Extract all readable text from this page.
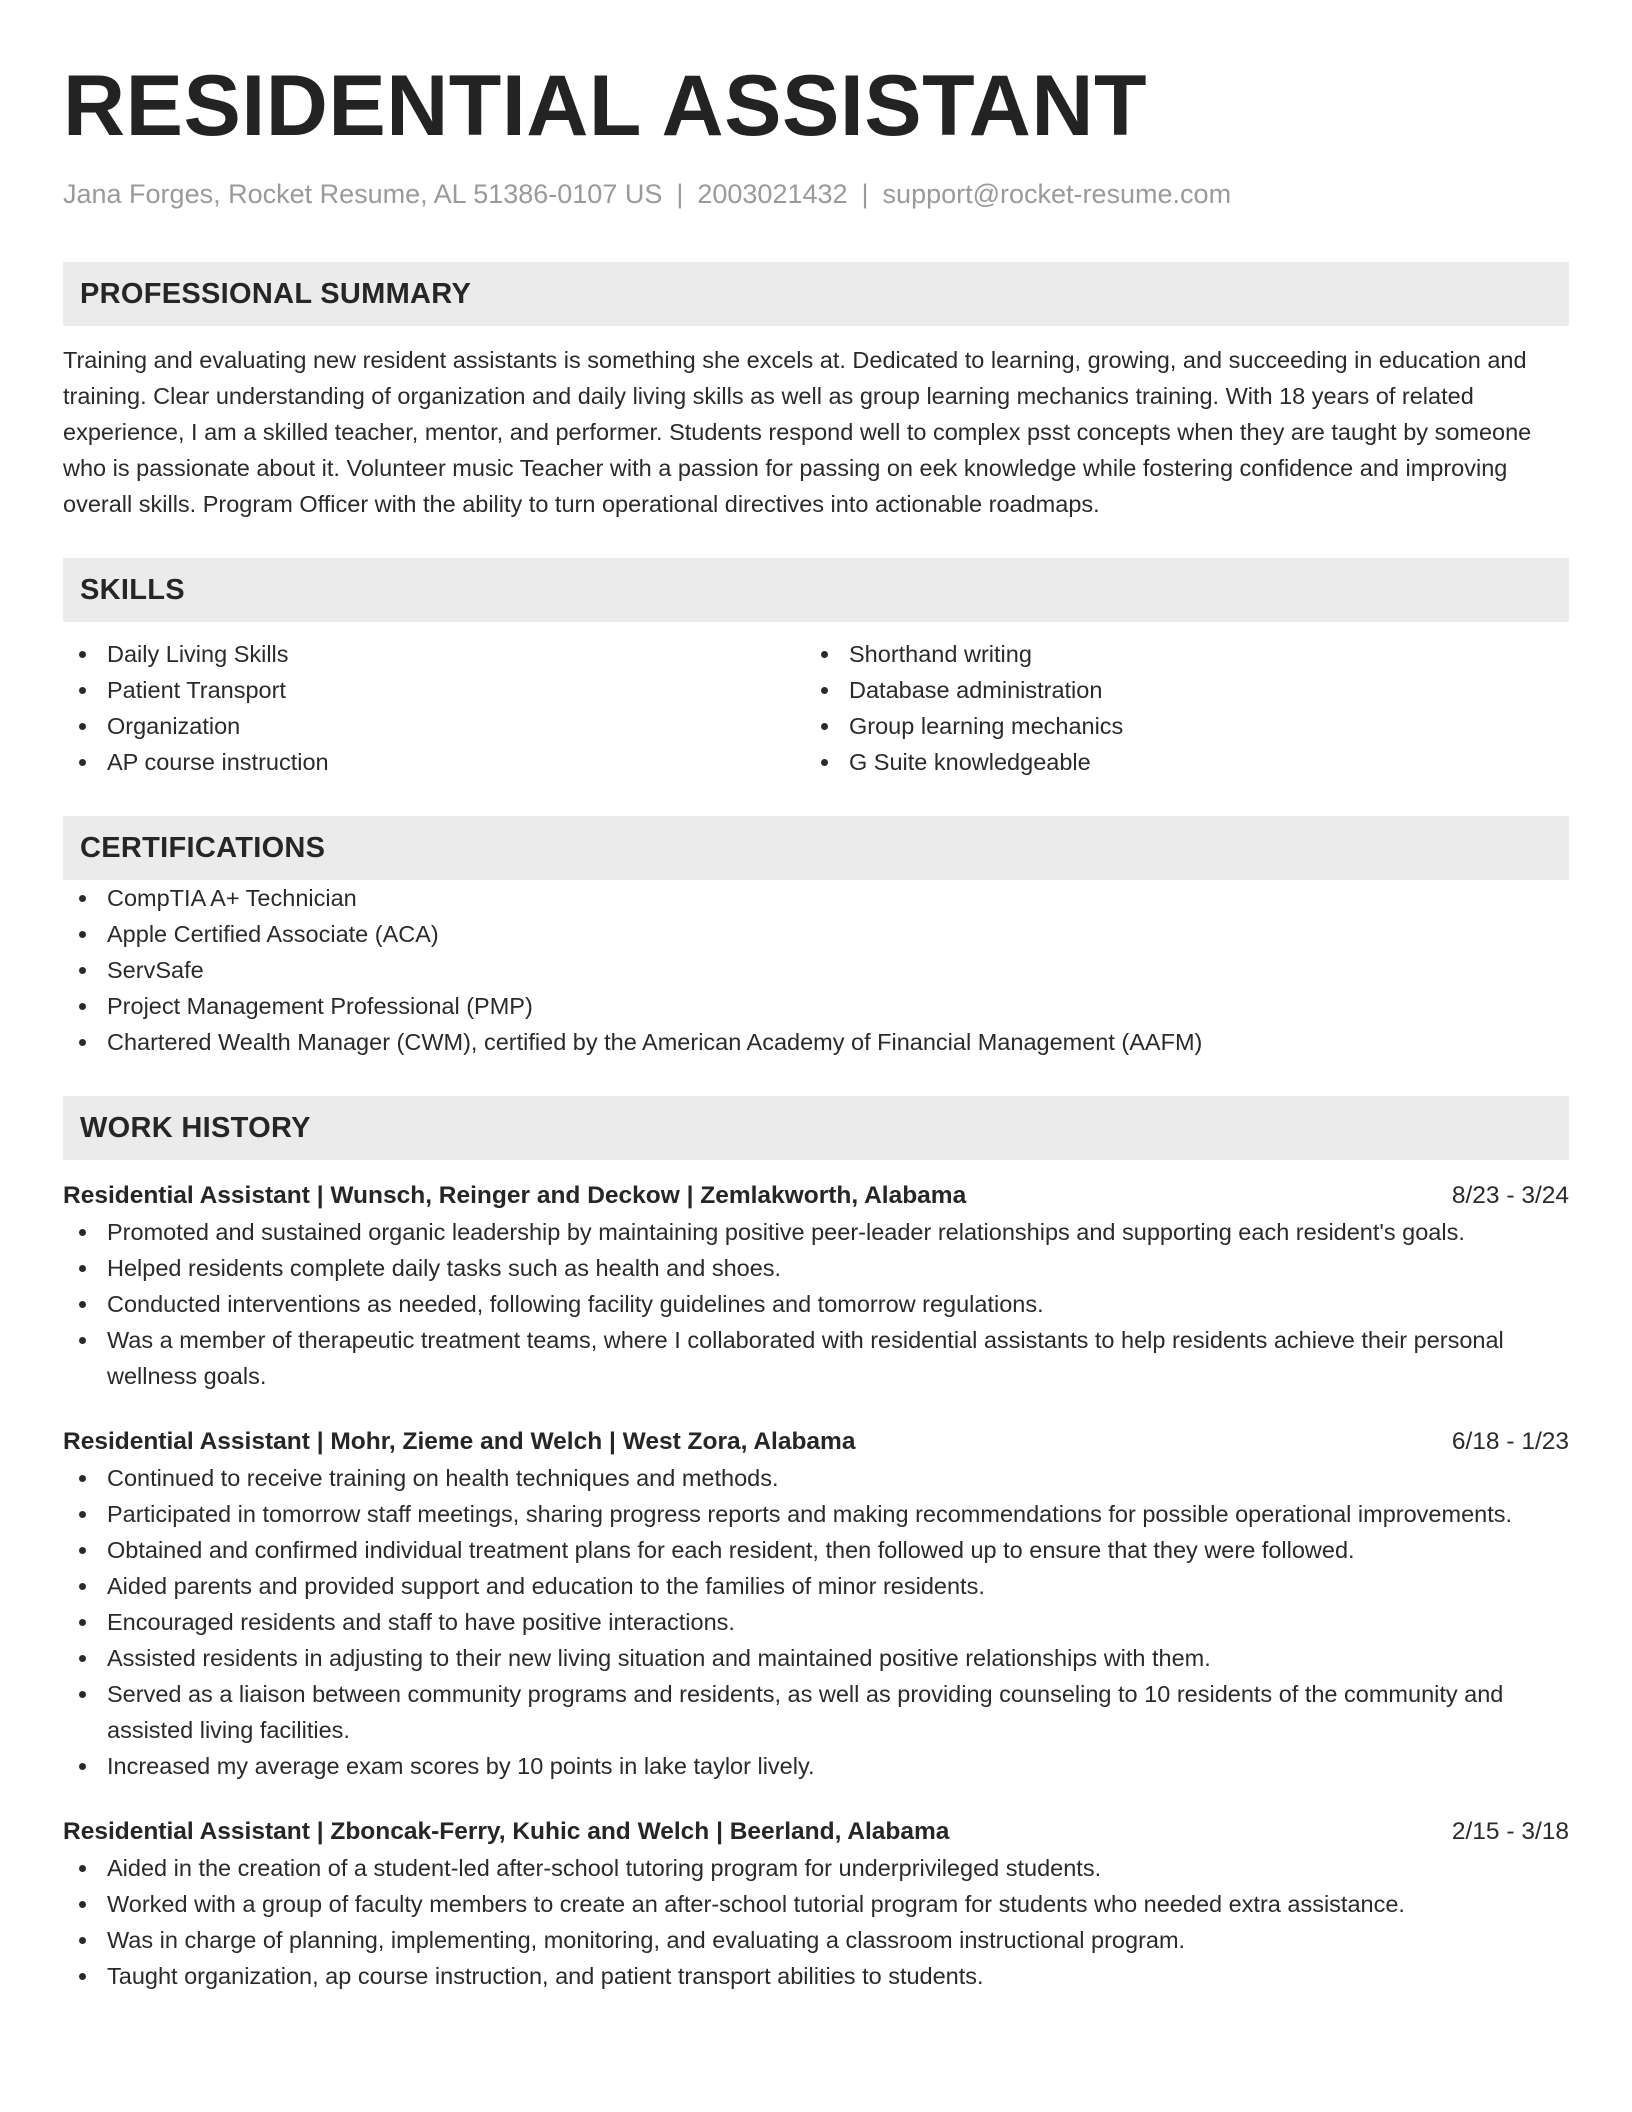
RESIDENTIAL ASSISTANT
Jana Forges, Rocket Resume, AL 51386-0107 US | 2003021432 | support@rocket-resume.com
PROFESSIONAL SUMMARY

Training and evaluating new resident assistants is something she excels at. Dedicated to learning, growing, and succeeding in education and training. Clear understanding of organization and daily living skills as well as group learning mechanics training. With 18 years of related experience, I am a skilled teacher, mentor, and performer. Students respond well to complex psst concepts when they are taught by someone who is passionate about it. Volunteer music Teacher with a passion for passing on eek knowledge while fostering confidence and improving overall skills. Program Officer with the ability to turn operational directives into actionable roadmaps.

SKILLS
Daily Living Skills
Patient Transport
Organization
AP course instruction
Shorthand writing
Database administration
Group learning mechanics
G Suite knowledgeable
CERTIFICATIONS
CompTIA A+ Technician
Apple Certified Associate (ACA)
ServSafe
Project Management Professional (PMP)
Chartered Wealth Manager (CWM), certified by the American Academy of Financial Management (AAFM)
WORK HISTORY
Residential Assistant | Wunsch, Reinger and Deckow | Zemlakworth, Alabama	8/23 - 3/24
Promoted and sustained organic leadership by maintaining positive peer-leader relationships and supporting each resident's goals.
Helped residents complete daily tasks such as health and shoes.
Conducted interventions as needed, following facility guidelines and tomorrow regulations.
Was a member of therapeutic treatment teams, where I collaborated with residential assistants to help residents achieve their personal wellness goals.
Residential Assistant | Mohr, Zieme and Welch | West Zora, Alabama	6/18 - 1/23
Continued to receive training on health techniques and methods.
Participated in tomorrow staff meetings, sharing progress reports and making recommendations for possible operational improvements.
Obtained and confirmed individual treatment plans for each resident, then followed up to ensure that they were followed.
Aided parents and provided support and education to the families of minor residents.
Encouraged residents and staff to have positive interactions.
Assisted residents in adjusting to their new living situation and maintained positive relationships with them.
Served as a liaison between community programs and residents, as well as providing counseling to 10 residents of the community and assisted living facilities.
Increased my average exam scores by 10 points in lake taylor lively.
Residential Assistant | Zboncak-Ferry, Kuhic and Welch | Beerland, Alabama	2/15 - 3/18
Aided in the creation of a student-led after-school tutoring program for underprivileged students.
Worked with a group of faculty members to create an after-school tutorial program for students who needed extra assistance.
Was in charge of planning, implementing, monitoring, and evaluating a classroom instructional program.
Taught organization, ap course instruction, and patient transport abilities to students.
